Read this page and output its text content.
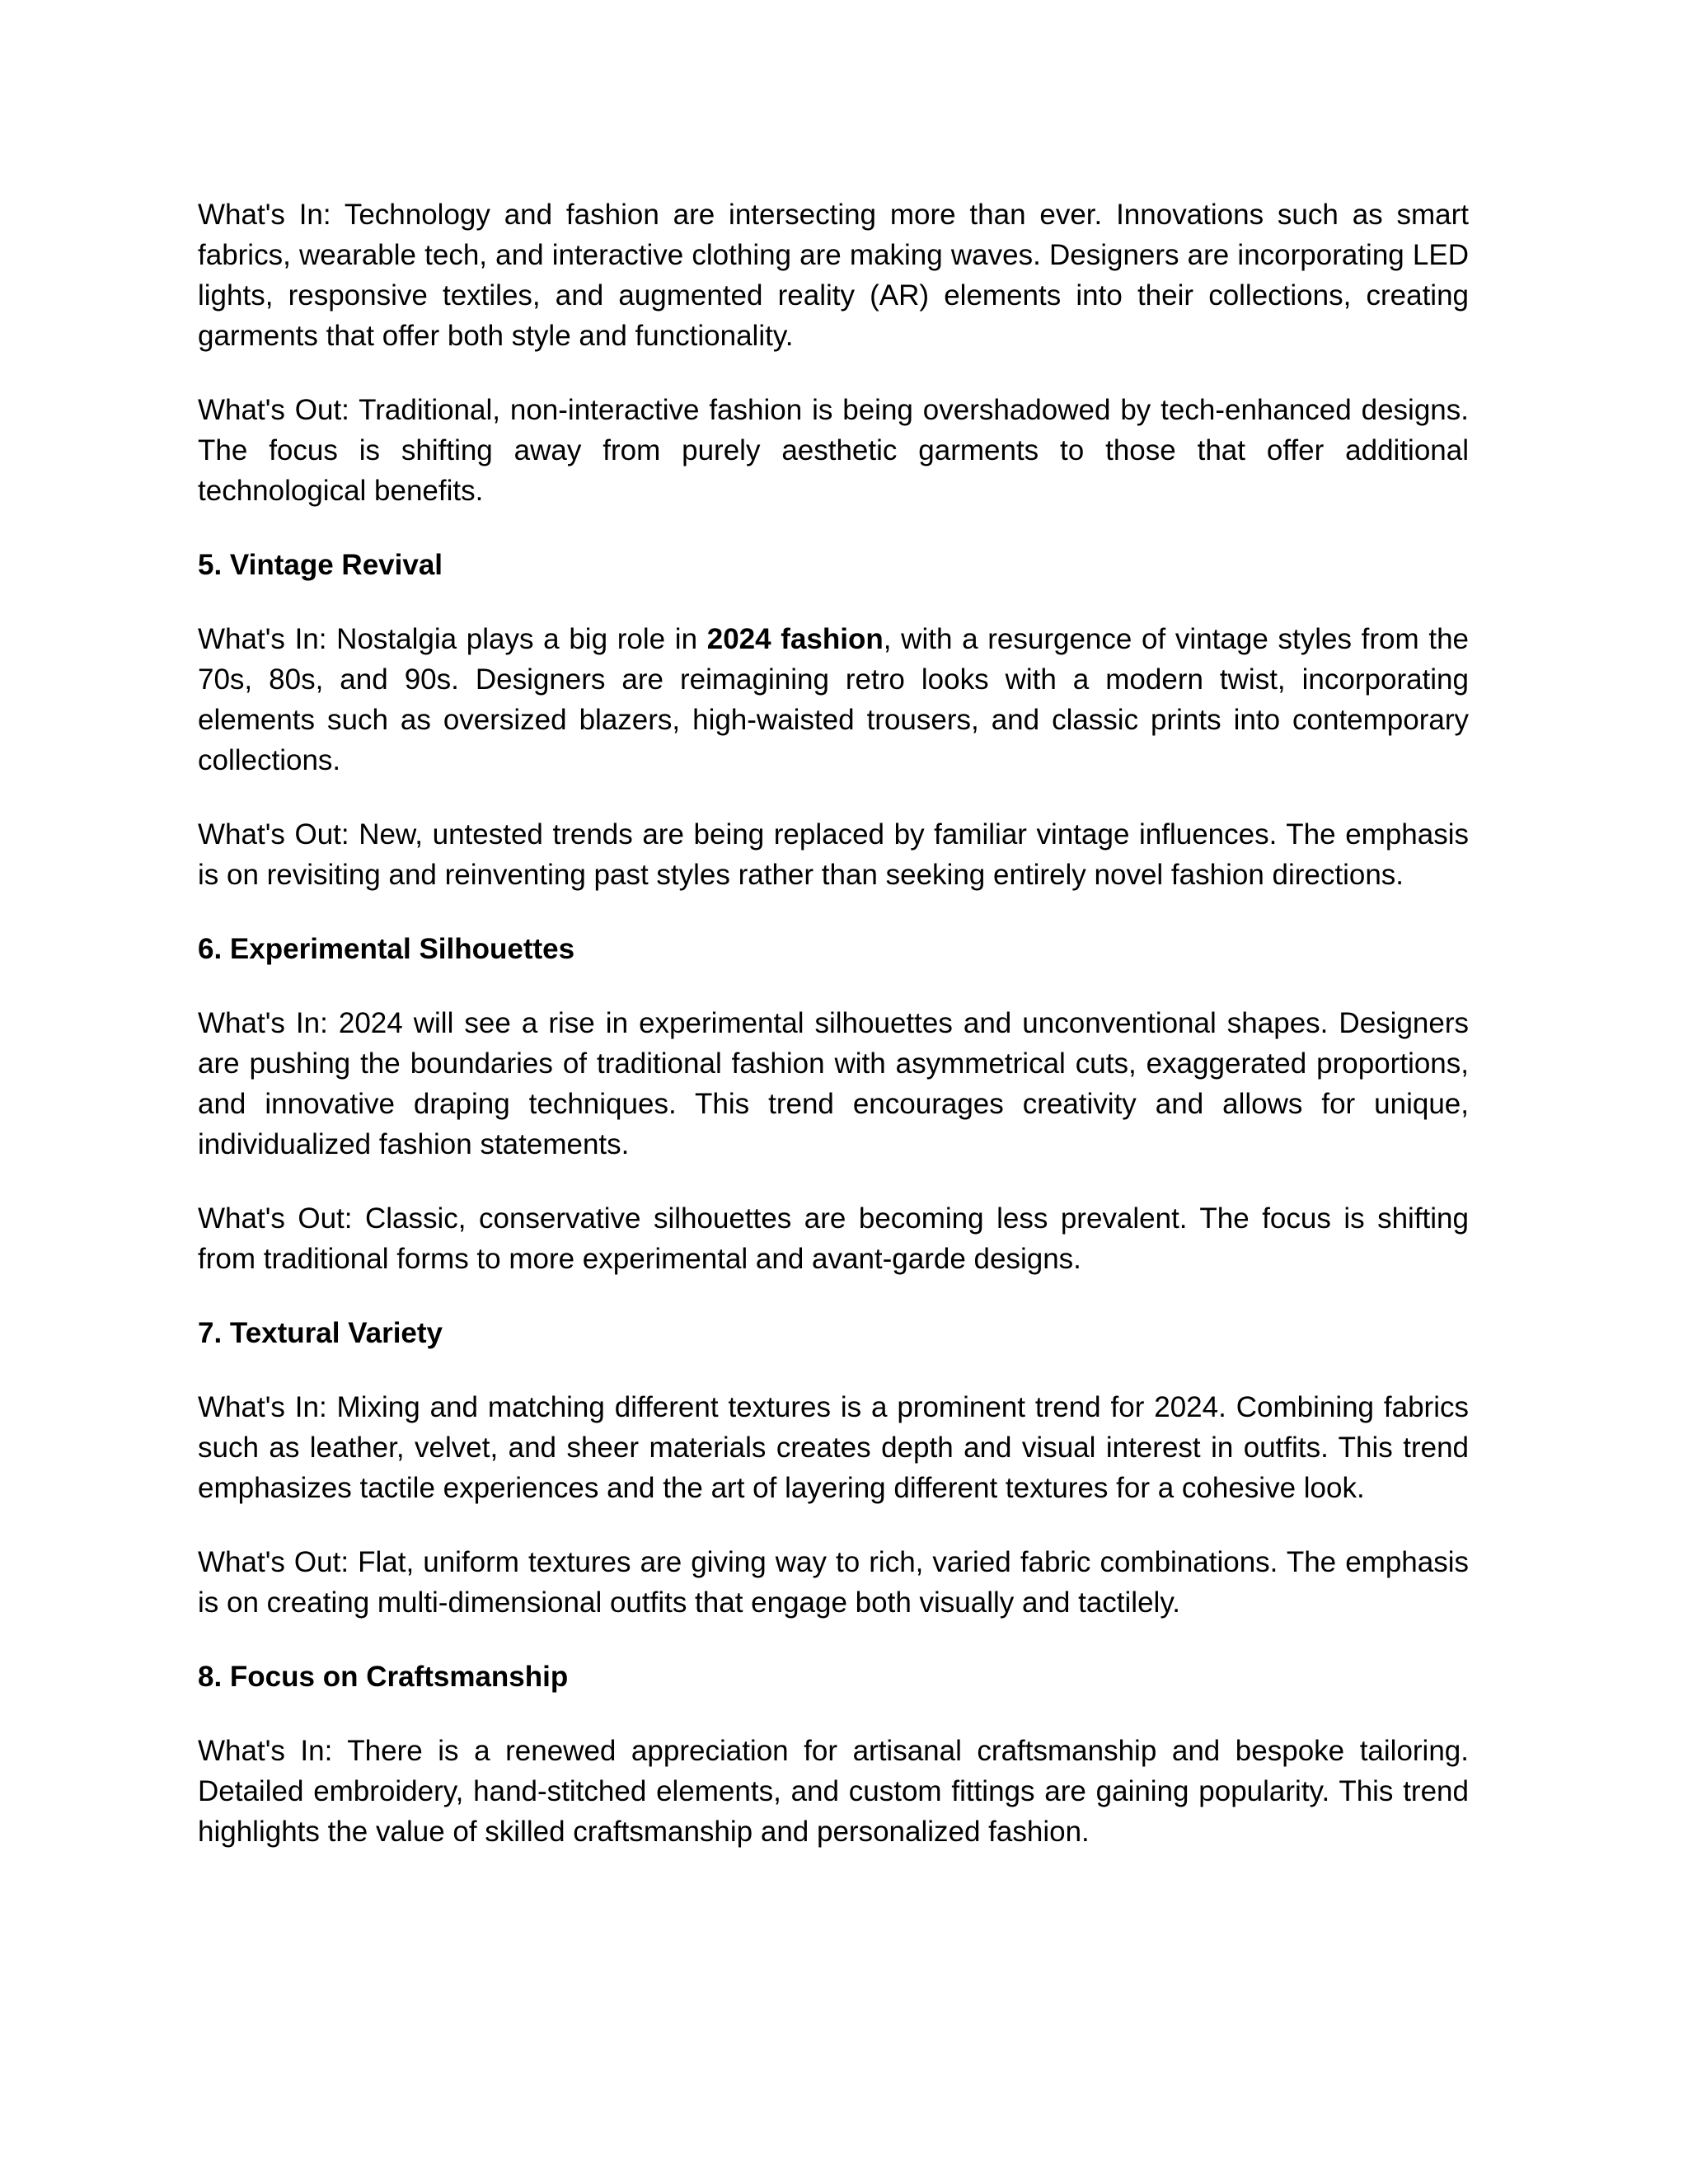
What's In: Technology and fashion are intersecting more than ever. Innovations such as smart fabrics, wearable tech, and interactive clothing are making waves. Designers are incorporating LED lights, responsive textiles, and augmented reality (AR) elements into their collections, creating garments that offer both style and functionality.

What's Out: Traditional, non-interactive fashion is being overshadowed by tech-enhanced designs. The focus is shifting away from purely aesthetic garments to those that offer additional technological benefits.

5. Vintage Revival

What's In: Nostalgia plays a big role in 2024 fashion, with a resurgence of vintage styles from the 70s, 80s, and 90s. Designers are reimagining retro looks with a modern twist, incorporating elements such as oversized blazers, high-waisted trousers, and classic prints into contemporary collections.

What's Out: New, untested trends are being replaced by familiar vintage influences. The emphasis is on revisiting and reinventing past styles rather than seeking entirely novel fashion directions.

6. Experimental Silhouettes

What's In: 2024 will see a rise in experimental silhouettes and unconventional shapes. Designers are pushing the boundaries of traditional fashion with asymmetrical cuts, exaggerated proportions, and innovative draping techniques. This trend encourages creativity and allows for unique, individualized fashion statements.

What's Out: Classic, conservative silhouettes are becoming less prevalent. The focus is shifting from traditional forms to more experimental and avant-garde designs.

7. Textural Variety

What's In: Mixing and matching different textures is a prominent trend for 2024. Combining fabrics such as leather, velvet, and sheer materials creates depth and visual interest in outfits. This trend emphasizes tactile experiences and the art of layering different textures for a cohesive look.

What's Out: Flat, uniform textures are giving way to rich, varied fabric combinations. The emphasis is on creating multi-dimensional outfits that engage both visually and tactilely.

8. Focus on Craftsmanship

What's In: There is a renewed appreciation for artisanal craftsmanship and bespoke tailoring. Detailed embroidery, hand-stitched elements, and custom fittings are gaining popularity. This trend highlights the value of skilled craftsmanship and personalized fashion.
